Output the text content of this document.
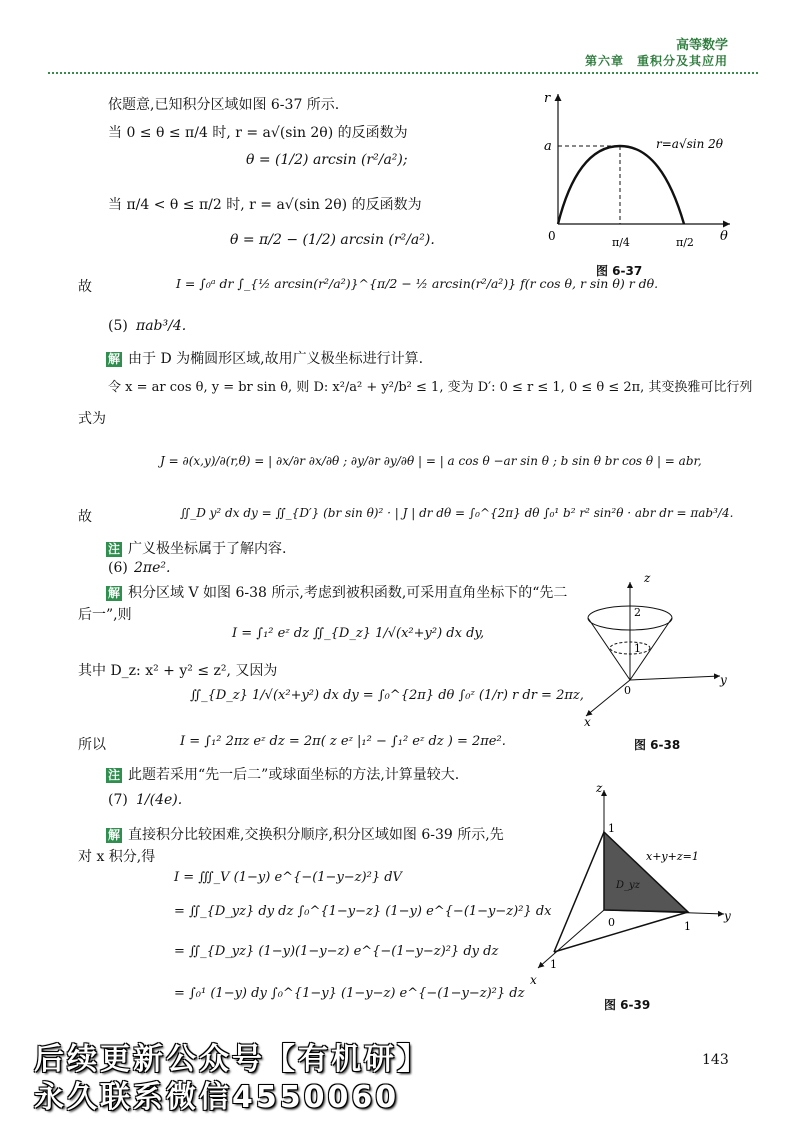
高等数学
第六章　重积分及其应用
依题意,已知积分区域如图 6-37 所示.
当 0 ≤ θ ≤ π/4 时, r = a√(sin 2θ) 的反函数为
θ = (1/2) arcsin (r²/a²);
当 π/4 < θ ≤ π/2 时, r = a√(sin 2θ) 的反函数为
θ = π/2 − (1/2) arcsin (r²/a²).
故	I = ∫₀ᵃ dr ∫_{½ arcsin(r²/a²)}^{π/2 − ½ arcsin(r²/a²)} f(r cos θ, r sin θ) r dθ.
(5) πab³/4.
解 由于 D 为椭圆形区域,故用广义极坐标进行计算.
令 x = ar cos θ, y = br sin θ, 则 D: x²/a² + y²/b² ≤ 1, 变为 D′: 0 ≤ r ≤ 1, 0 ≤ θ ≤ 2π, 其变换雅可比行列
式为
J = ∂(x,y)/∂(r,θ) = | ∂x/∂r ∂x/∂θ ; ∂y/∂r ∂y/∂θ | = | a cos θ −ar sin θ ; b sin θ br cos θ | = abr,
故	∬_D y² dx dy = ∬_{D′} (br sin θ)² · | J | dr dθ = ∫₀^{2π} dθ ∫₀¹ b² r² sin²θ · abr dr = πab³/4.
注 广义极坐标属于了解内容.
(6) 2πe².
解 积分区域 V 如图 6-38 所示,考虑到被积函数,可采用直角坐标下的“先二
后一”,则
I = ∫₁² eᶻ dz ∬_{D_z} 1/√(x²+y²) dx dy,
其中 D_z: x² + y² ≤ z², 又因为
∬_{D_z} 1/√(x²+y²) dx dy = ∫₀^{2π} dθ ∫₀ᶻ (1/r) r dr = 2πz,
所以	I = ∫₁² 2πz eᶻ dz = 2π( z eᶻ |₁² − ∫₁² eᶻ dz ) = 2πe².
注 此题若采用“先一后二”或球面坐标的方法,计算量较大.
(7) 1/(4e).
解 直接积分比较困难,交换积分顺序,积分区域如图 6-39 所示,先
对 x 积分,得
I = ∭_V (1−y) e^{−(1−y−z)²} dV
= ∬_{D_yz} dy dz ∫₀^{1−y−z} (1−y) e^{−(1−y−z)²} dx
= ∬_{D_yz} (1−y)(1−y−z) e^{−(1−y−z)²} dy dz
= ∫₀¹ (1−y) dy ∫₀^{1−y} (1−y−z) e^{−(1−y−z)²} dz
r
θ
0
a
π/4	π/2
r=a√sin 2θ
图 6-37
z
y
x
0
2
1
图 6-38
z
y
x
0
1
1
1
x+y+z=1
D_yz
图 6-39
143
后续更新公众号【有机研】
永久联系微信4550060
